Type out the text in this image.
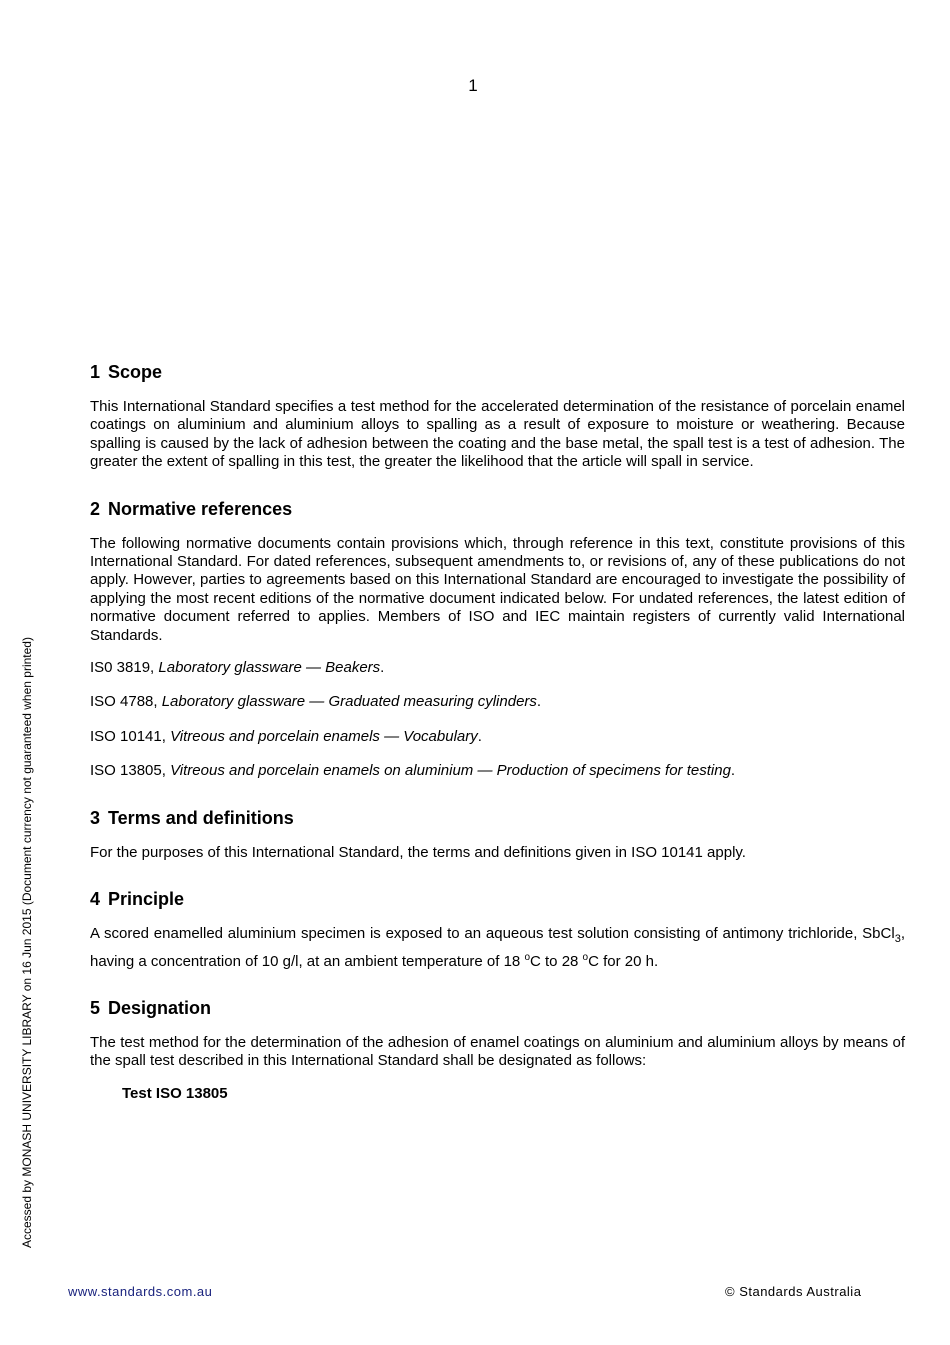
1
Accessed by MONASH UNIVERSITY LIBRARY on 16 Jun 2015 (Document currency not guaranteed when printed)
1 Scope

This International Standard specifies a test method for the accelerated determination of the resistance of porcelain enamel coatings on aluminium and aluminium alloys to spalling as a result of exposure to moisture or weathering. Because spalling is caused by the lack of adhesion between the coating and the base metal, the spall test is a test of adhesion. The greater the extent of spalling in this test, the greater the likelihood that the article will spall in service.

2 Normative references

The following normative documents contain provisions which, through reference in this text, constitute provisions of this International Standard. For dated references, subsequent amendments to, or revisions of, any of these publications do not apply. However, parties to agreements based on this International Standard are encouraged to investigate the possibility of applying the most recent editions of the normative document indicated below. For undated references, the latest edition of normative document referred to applies. Members of ISO and IEC maintain registers of currently valid International Standards.

IS0 3819, Laboratory glassware — Beakers.

ISO 4788, Laboratory glassware — Graduated measuring cylinders.

ISO 10141, Vitreous and porcelain enamels — Vocabulary.

ISO 13805, Vitreous and porcelain enamels on aluminium — Production of specimens for testing.

3 Terms and definitions

For the purposes of this International Standard, the terms and definitions given in ISO 10141 apply.

4 Principle

A scored enamelled aluminium specimen is exposed to an aqueous test solution consisting of antimony trichloride, SbCl$_3$, having a concentration of 10 g/l, at an ambient temperature of 18 $^o$C to 28 $^o$C for 20 h.

5 Designation

The test method for the determination of the adhesion of enamel coatings on aluminium and aluminium alloys by means of the spall test described in this International Standard shall be designated as follows:

Test ISO 13805
www.standards.com.au	© Standards Australia
